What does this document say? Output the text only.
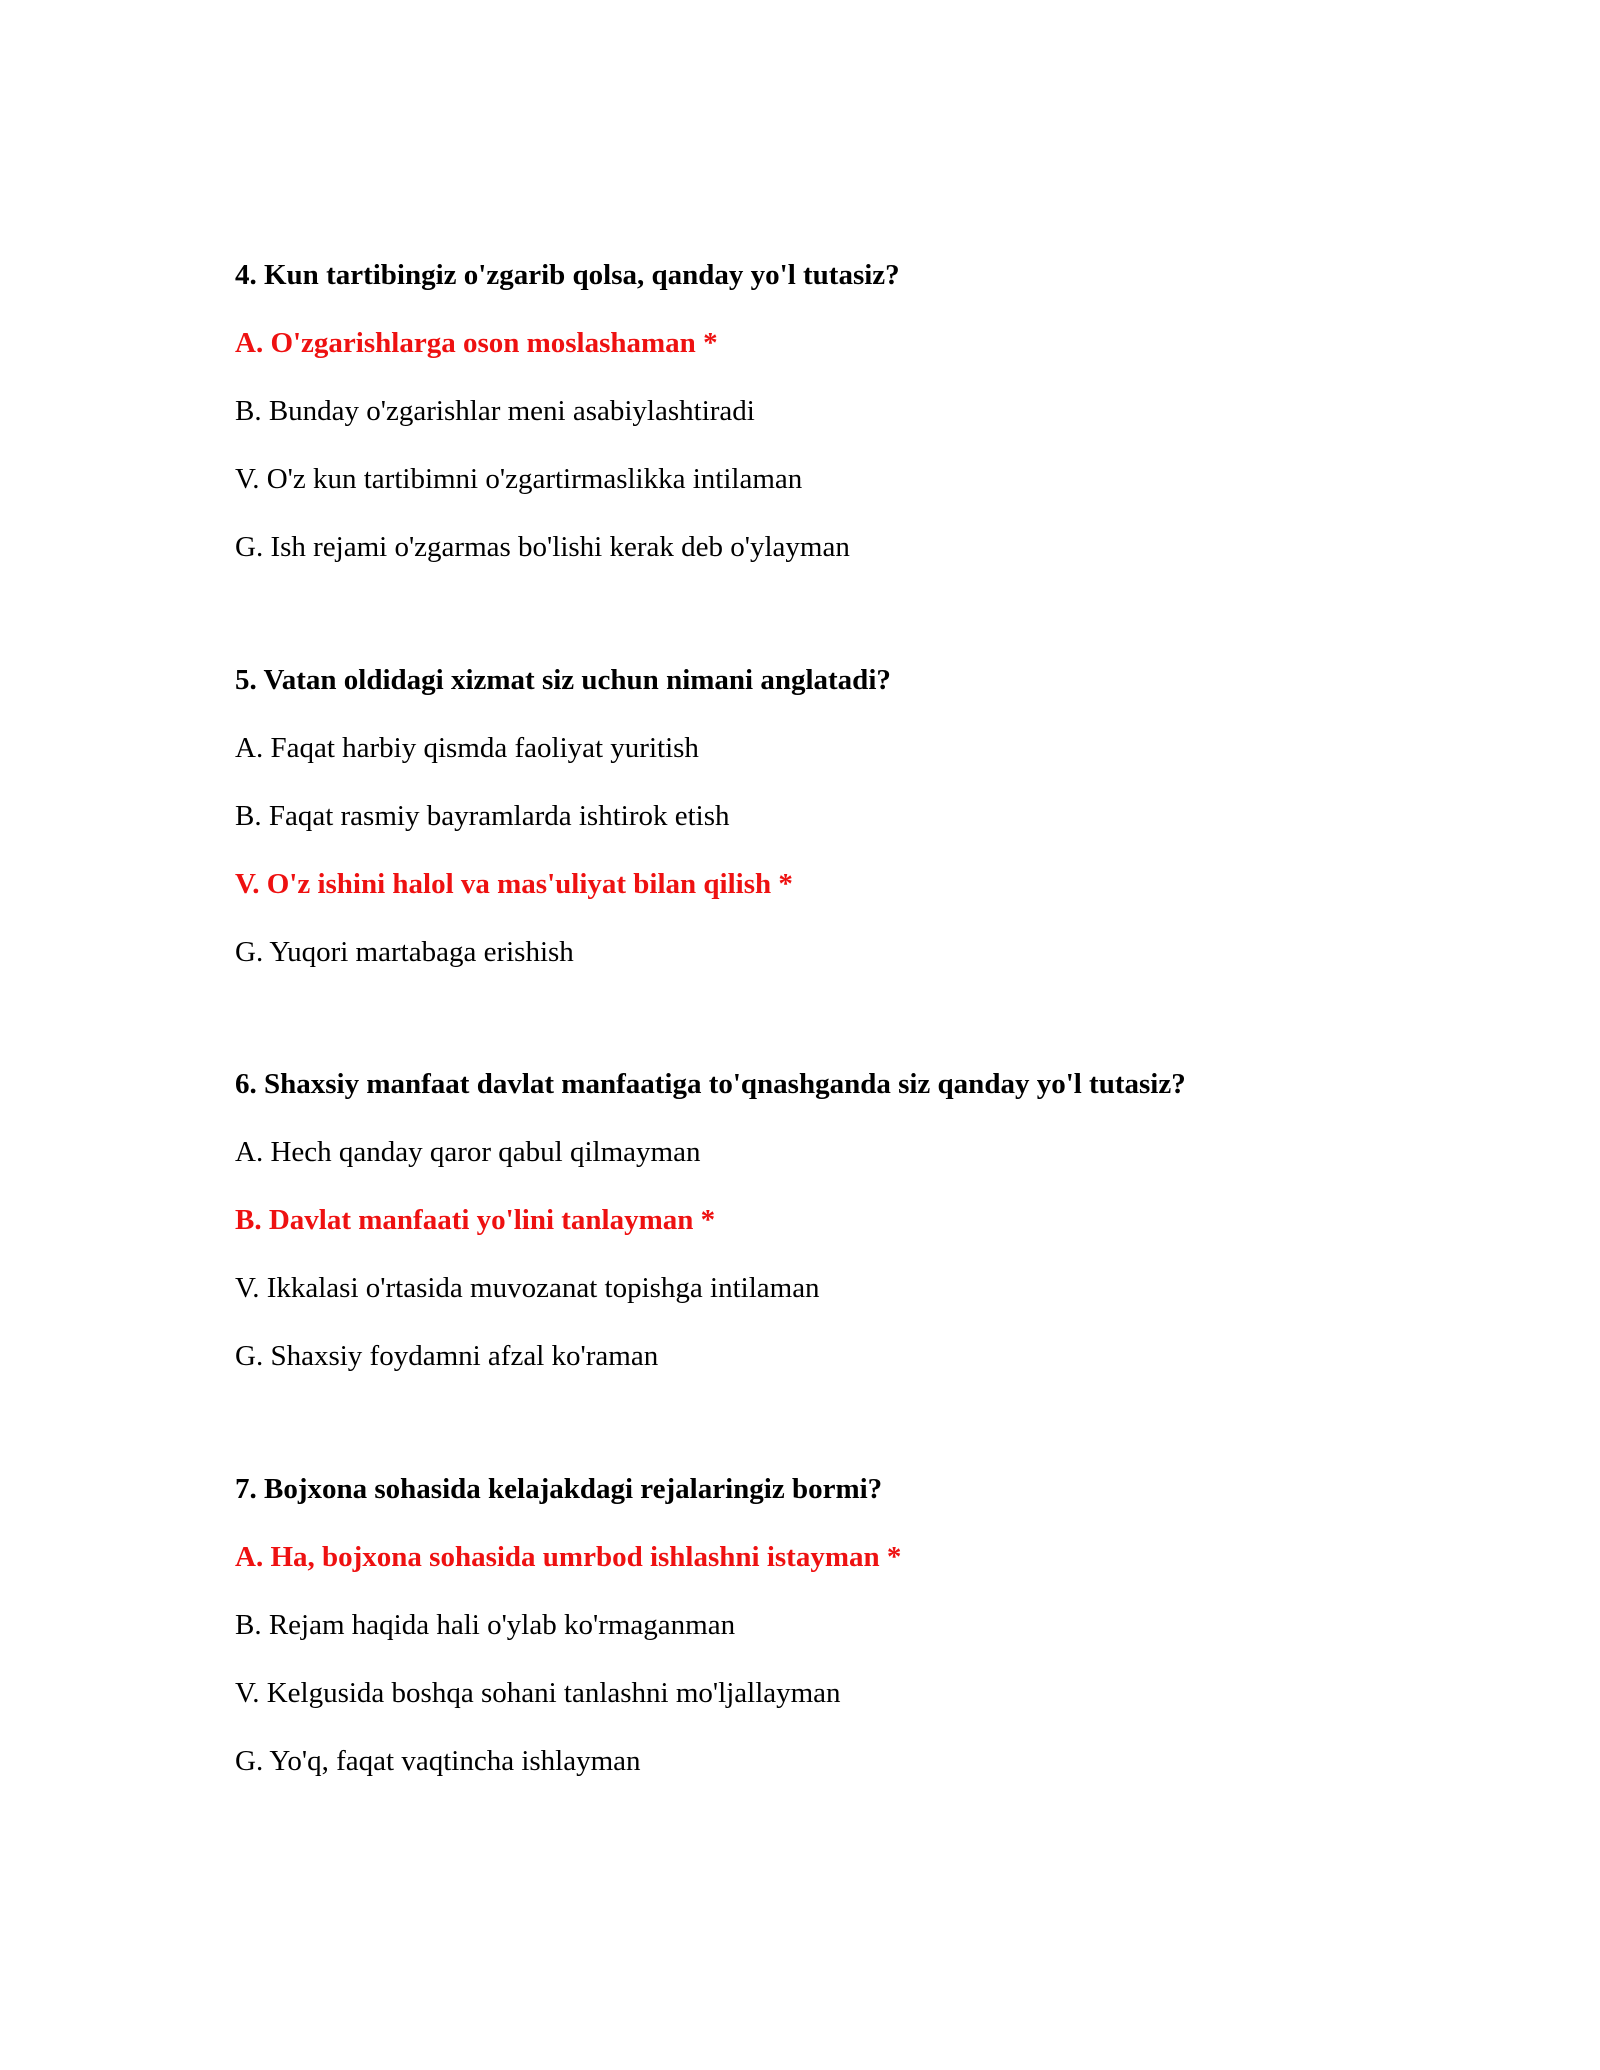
4. Kun tartibingiz o'zgarib qolsa, qanday yo'l tutasiz?
A. O'zgarishlarga oson moslashaman *
B. Bunday o'zgarishlar meni asabiylashtiradi
V. O'z kun tartibimni o'zgartirmaslikka intilaman
G. Ish rejami o'zgarmas bo'lishi kerak deb o'ylayman
5. Vatan oldidagi xizmat siz uchun nimani anglatadi?
A. Faqat harbiy qismda faoliyat yuritish
B. Faqat rasmiy bayramlarda ishtirok etish
V. O'z ishini halol va mas'uliyat bilan qilish *
G. Yuqori martabaga erishish
6. Shaxsiy manfaat davlat manfaatiga to'qnashganda siz qanday yo'l tutasiz?
A. Hech qanday qaror qabul qilmayman
B. Davlat manfaati yo'lini tanlayman *
V. Ikkalasi o'rtasida muvozanat topishga intilaman
G. Shaxsiy foydamni afzal ko'raman
7. Bojxona sohasida kelajakdagi rejalaringiz bormi?
A. Ha, bojxona sohasida umrbod ishlashni istayman *
B. Rejam haqida hali o'ylab ko'rmaganman
V. Kelgusida boshqa sohani tanlashni mo'ljallayman
G. Yo'q, faqat vaqtincha ishlayman
